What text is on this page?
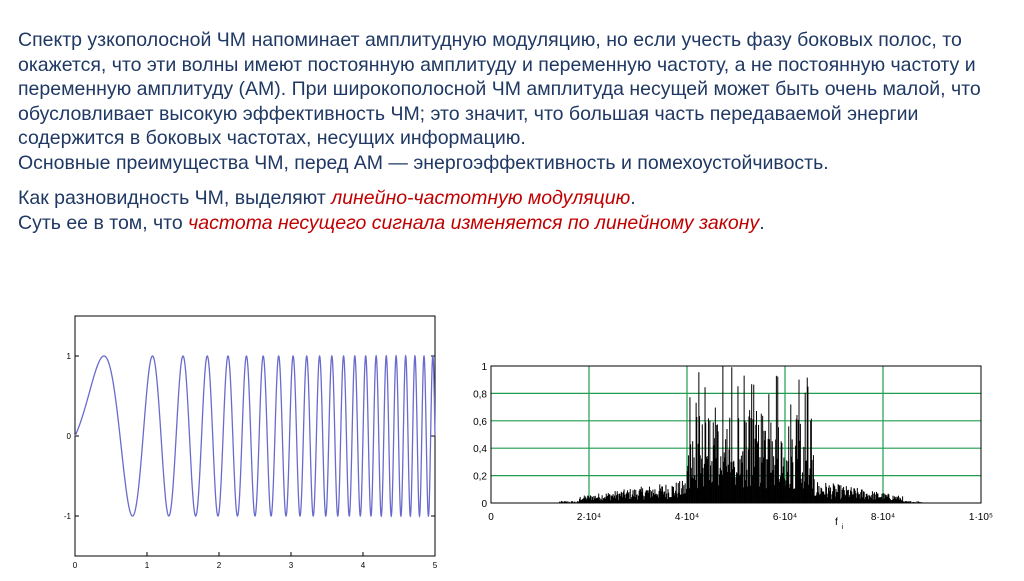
Спектр узкополосной ЧМ напоминает амплитудную модуляцию, но если учесть фазу боковых полос, то окажется, что эти волны имеют постоянную амплитуду и переменную частоту, а не постоянную частоту и переменную амплитуду (АМ). При широкополосной ЧМ амплитуда несущей может быть очень малой, что обусловливает высокую эффективность ЧМ; это значит, что большая часть передаваемой энергии содержится в боковых частотах, несущих информацию.

Основные преимущества ЧМ, перед АМ — энергоэффективность и помехоустойчивость.

Как разновидность ЧМ, выделяют линейно-частотную модуляцию.

Суть ее в том, что частота несущего сигнала изменяется по линейному закону.

1
0
-1
0	1	2	3	4	5
0
0,2
0,4
0,6
0,8
1
0	2·10⁴	4·10⁴	6·10⁴	8·10⁴	1·10⁵
f i
